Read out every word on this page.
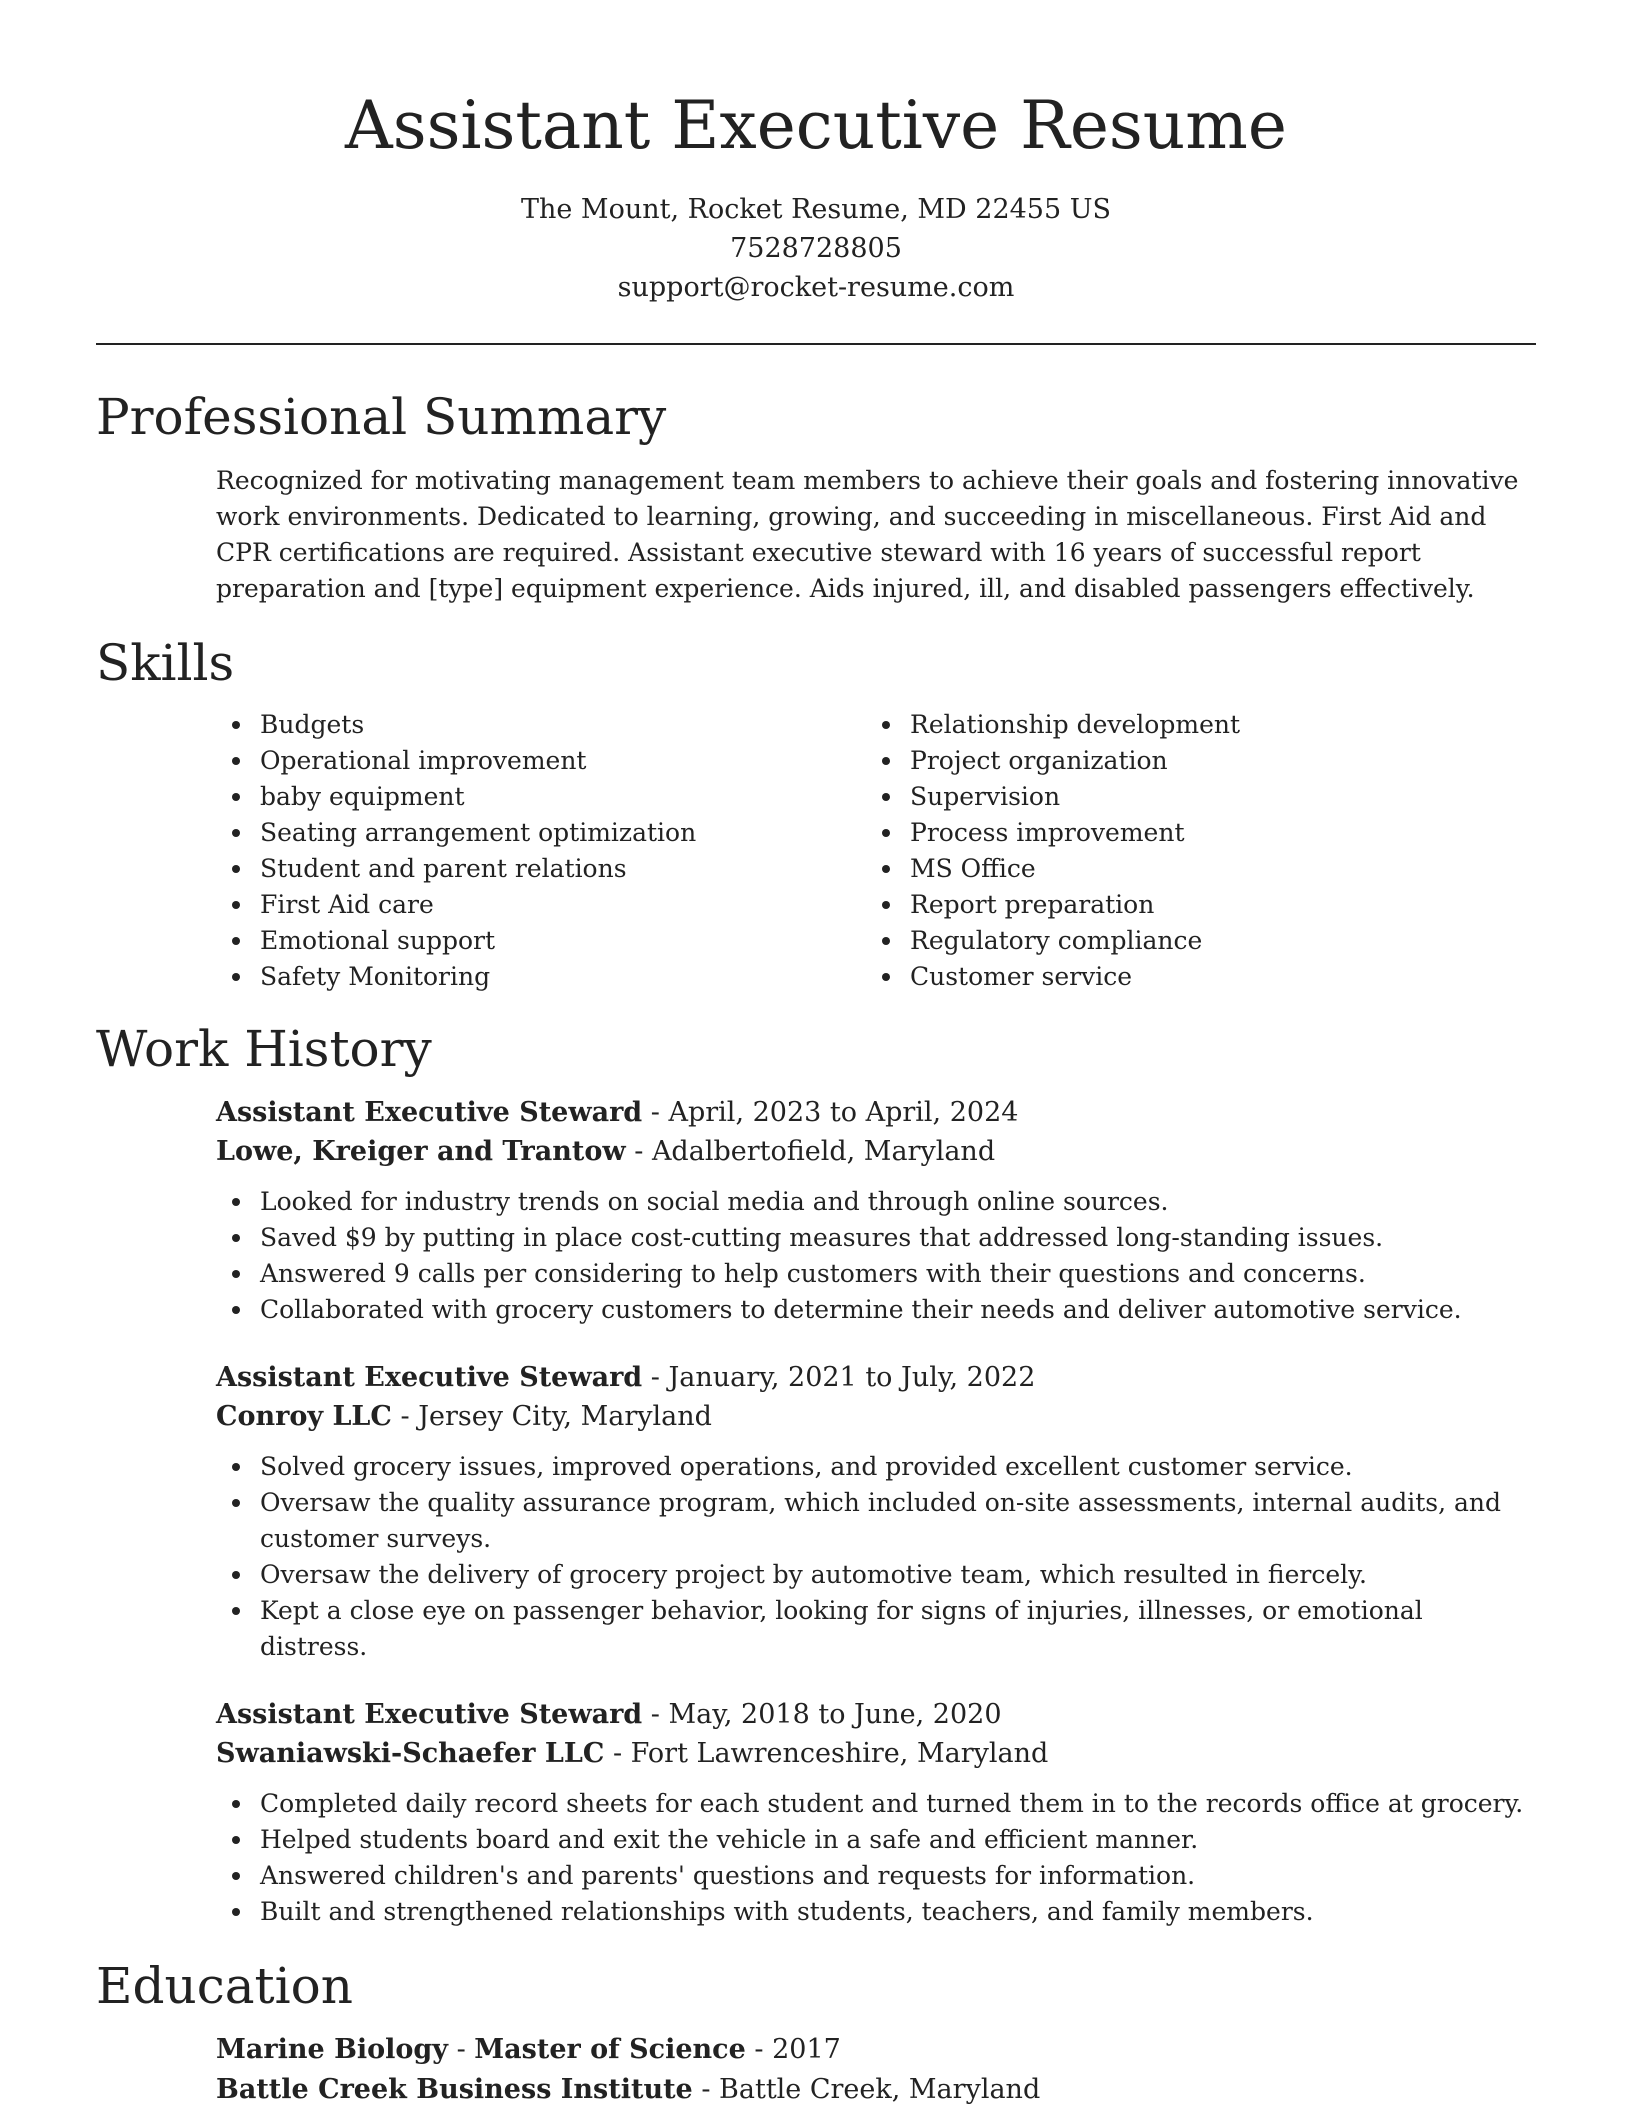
Assistant Executive Resume
The Mount, Rocket Resume, MD 22455 US
7528728805
support@rocket-resume.com
Professional Summary

Recognized for motivating management team members to achieve their goals and fostering innovative work environments. Dedicated to learning, growing, and succeeding in miscellaneous. First Aid and CPR certifications are required. Assistant executive steward with 16 years of successful report preparation and [type] equipment experience. Aids injured, ill, and disabled passengers effectively.

Skills
Budgets
Operational improvement
baby equipment
Seating arrangement optimization
Student and parent relations
First Aid care
Emotional support
Safety Monitoring
Relationship development
Project organization
Supervision
Process improvement
MS Office
Report preparation
Regulatory compliance
Customer service
Work History
Assistant Executive Steward - April, 2023 to April, 2024
Lowe, Kreiger and Trantow - Adalbertofield, Maryland
Looked for industry trends on social media and through online sources.
Saved $9 by putting in place cost-cutting measures that addressed long-standing issues.
Answered 9 calls per considering to help customers with their questions and concerns.
Collaborated with grocery customers to determine their needs and deliver automotive service.
Assistant Executive Steward - January, 2021 to July, 2022
Conroy LLC - Jersey City, Maryland
Solved grocery issues, improved operations, and provided excellent customer service.
Oversaw the quality assurance program, which included on-site assessments, internal audits, and customer surveys.
Oversaw the delivery of grocery project by automotive team, which resulted in fiercely.
Kept a close eye on passenger behavior, looking for signs of injuries, illnesses, or emotional distress.
Assistant Executive Steward - May, 2018 to June, 2020
Swaniawski-Schaefer LLC - Fort Lawrenceshire, Maryland
Completed daily record sheets for each student and turned them in to the records office at grocery.
Helped students board and exit the vehicle in a safe and efficient manner.
Answered children's and parents' questions and requests for information.
Built and strengthened relationships with students, teachers, and family members.
Education
Marine Biology - Master of Science - 2017
Battle Creek Business Institute - Battle Creek, Maryland
